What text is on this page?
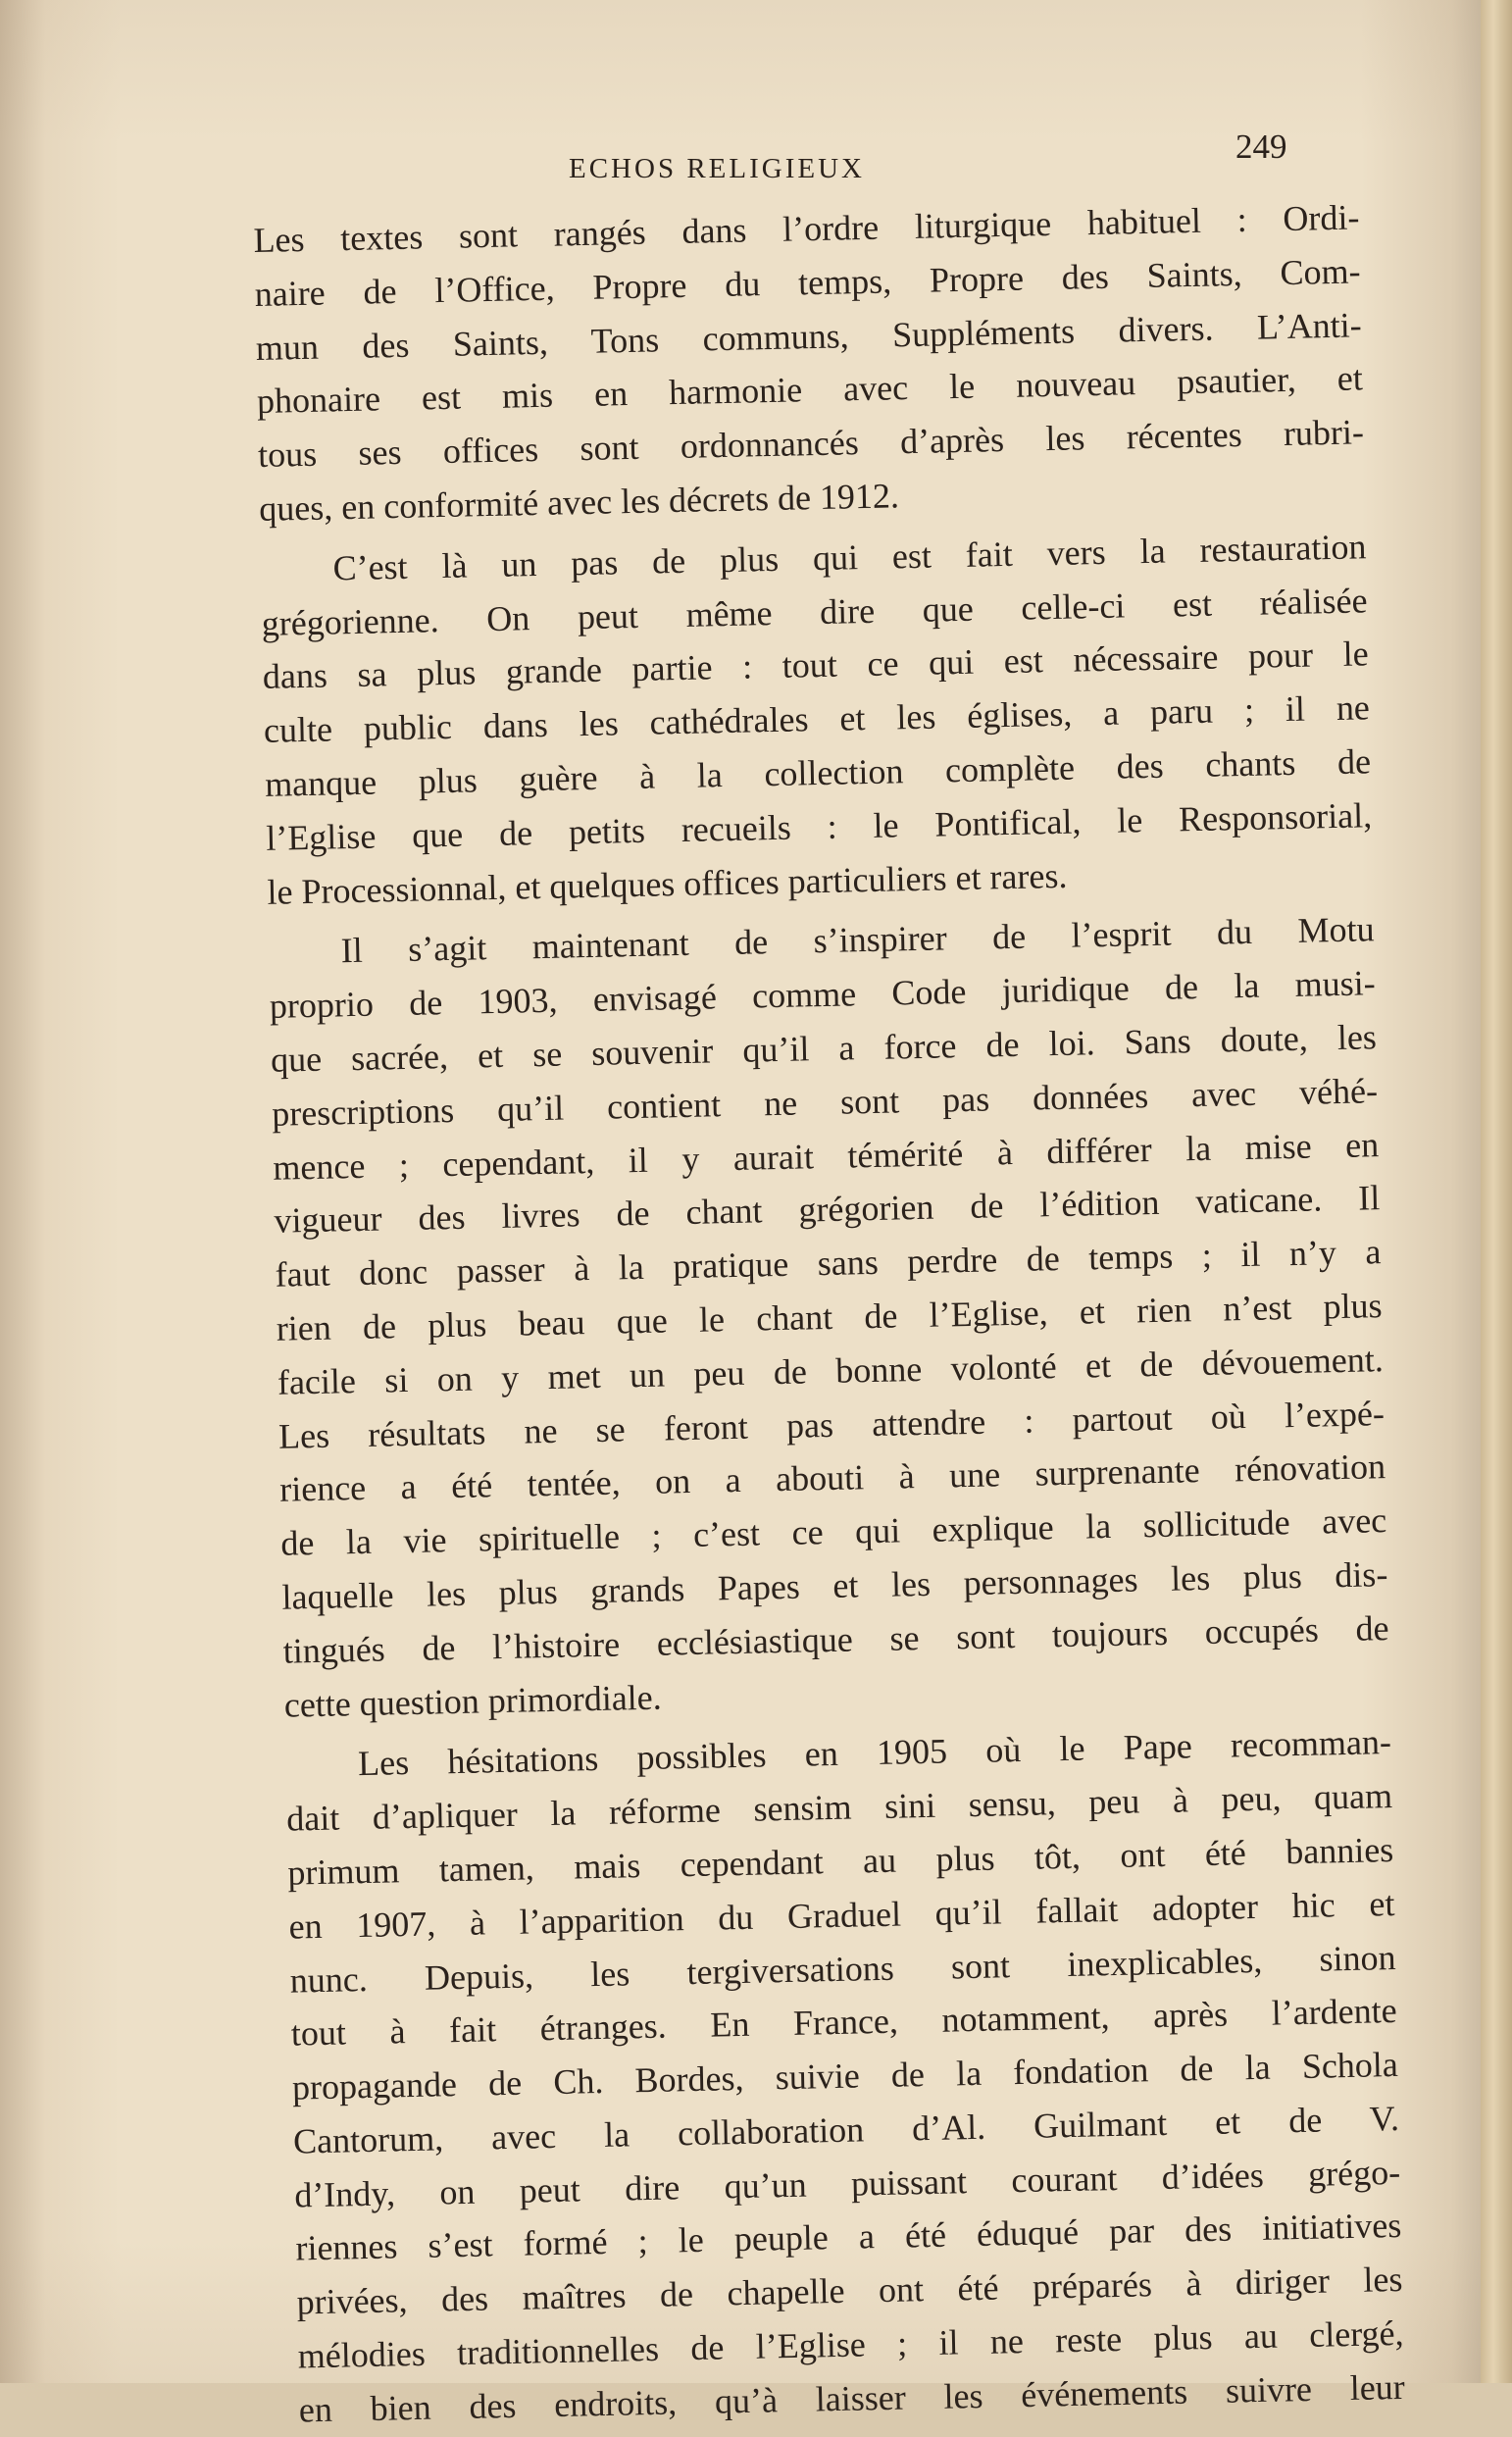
ECHOS RELIGIEUX
249

Les textes sont rangés dans l’ordre liturgique habituel : Ordi-
naire de l’Office, Propre du temps, Propre des Saints, Com-
mun des Saints, Tons communs, Suppléments divers. L’Anti-
phonaire est mis en harmonie avec le nouveau psautier, et
tous ses offices sont ordonnancés d’après les récentes rubri-
ques, en conformité avec les décrets de 1912.

C’est là un pas de plus qui est fait vers la restauration
grégorienne. On peut même dire que celle-ci est réalisée
dans sa plus grande partie : tout ce qui est nécessaire pour le
culte public dans les cathédrales et les églises, a paru ; il ne
manque plus guère à la collection complète des chants de
l’Eglise que de petits recueils : le Pontifical, le Responsorial,
le Processionnal, et quelques offices particuliers et rares.

Il s’agit maintenant de s’inspirer de l’esprit du Motu
proprio de 1903, envisagé comme Code juridique de la musi-
que sacrée, et se souvenir qu’il a force de loi. Sans doute, les
prescriptions qu’il contient ne sont pas données avec véhé-
mence ; cependant, il y aurait témérité à différer la mise en
vigueur des livres de chant grégorien de l’édition vaticane. Il
faut donc passer à la pratique sans perdre de temps ; il n’y a
rien de plus beau que le chant de l’Eglise, et rien n’est plus
facile si on y met un peu de bonne volonté et de dévouement.
Les résultats ne se feront pas attendre : partout où l’expé-
rience a été tentée, on a abouti à une surprenante rénovation
de la vie spirituelle ; c’est ce qui explique la sollicitude avec
laquelle les plus grands Papes et les personnages les plus dis-
tingués de l’histoire ecclésiastique se sont toujours occupés de
cette question primordiale.

Les hésitations possibles en 1905 où le Pape recomman-
dait d’apliquer la réforme sensim sini sensu, peu à peu, quam
primum tamen, mais cependant au plus tôt, ont été bannies
en 1907, à l’apparition du Graduel qu’il fallait adopter hic et
nunc. Depuis, les tergiversations sont inexplicables, sinon
tout à fait étranges. En France, notamment, après l’ardente
propagande de Ch. Bordes, suivie de la fondation de la Schola
Cantorum, avec la collaboration d’Al. Guilmant et de V.
d’Indy, on peut dire qu’un puissant courant d’idées grégo-
riennes s’est formé ; le peuple a été éduqué par des initiatives
privées, des maîtres de chapelle ont été préparés à diriger les
mélodies traditionnelles de l’Eglise ; il ne reste plus au clergé,
en bien des endroits, qu’à laisser les événements suivre leur
